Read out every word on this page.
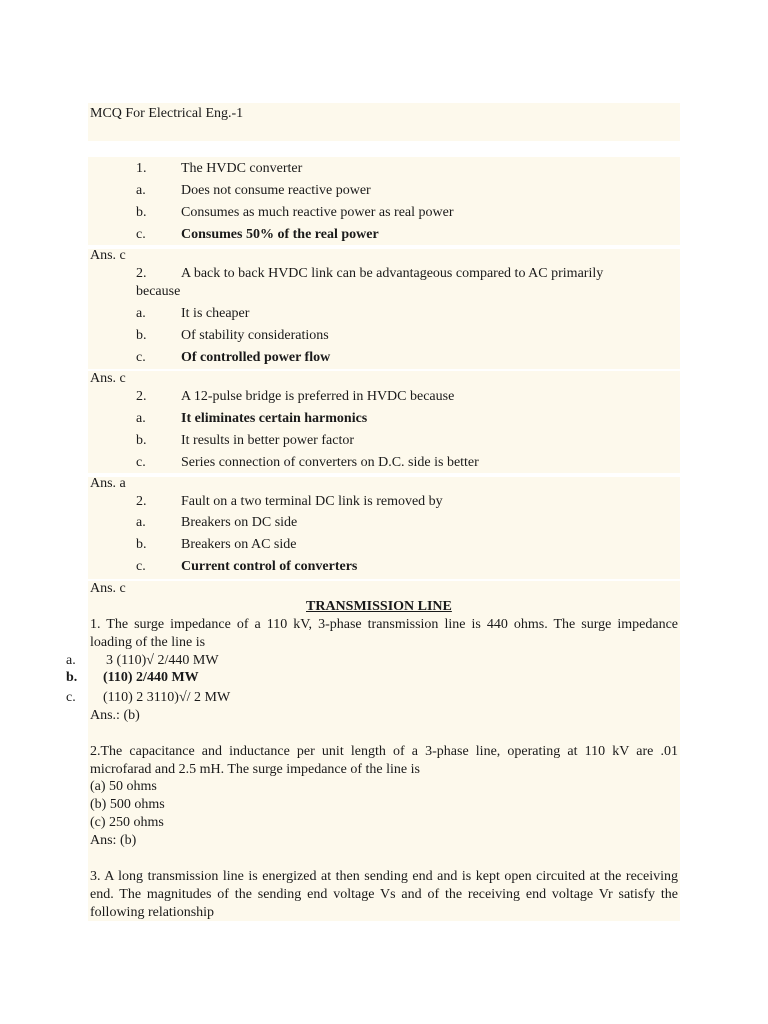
MCQ For Electrical Eng.-1
1. The HVDC converter
a.	Does not consume reactive power
b. Consumes as much reactive power as real power
c.	Consumes 50% of the real power
Ans. c
2. A back to back HVDC link can be advantageous compared to AC primarily
because
a.	It is cheaper
b. Of stability considerations
c.	Of controlled power flow
Ans. c
2. A 12-pulse bridge is preferred in HVDC because
a.	It eliminates certain harmonics
b. It results in better power factor
c.	Series connection of converters on D.C. side is better
Ans. a
2. Fault on a two terminal DC link is removed by
a.	Breakers on DC side
b. Breakers on AC side
c.	Current control of converters
Ans. c
TRANSMISSION LINE
1. The surge impedance of a 110 kV, 3-phase transmission line is 440 ohms. The surge impedance loading of the line is
a. 3 (110)√ 2/440 MW
b. (110) 2/440 MW
c. (110) 2 3110)√/ 2 MW
Ans.: (b)
2.The capacitance and inductance per unit length of a 3-phase line, operating at 110 kV are .01 microfarad and 2.5 mH. The surge impedance of the line is
(a) 50 ohms
(b) 500 ohms
(c) 250 ohms
Ans: (b)
3. A long transmission line is energized at then sending end and is kept open circuited at the receiving end. The magnitudes of the sending end voltage Vs and of the receiving end voltage Vr satisfy the following relationship
